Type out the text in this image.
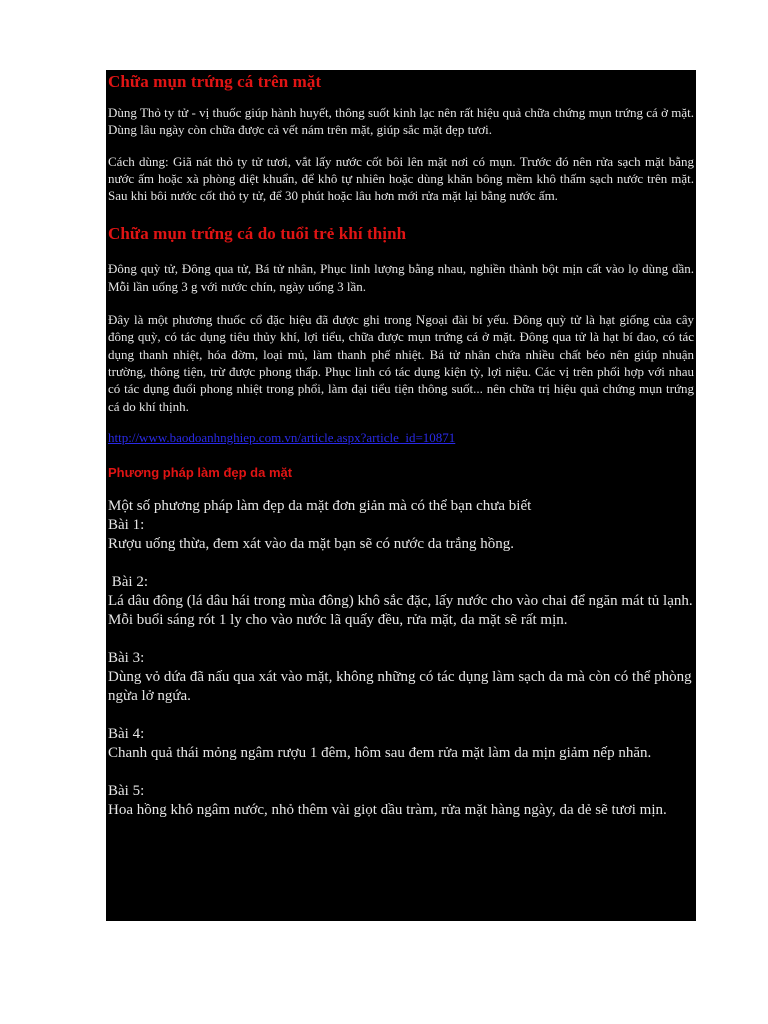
Chữa mụn trứng cá trên mặt

Dùng Thỏ ty tử - vị thuốc giúp hành huyết, thông suốt kinh lạc nên rất hiệu quả chữa chứng mụn trứng cá ở mặt. Dùng lâu ngày còn chữa được cả vết nám trên mặt, giúp sắc mặt đẹp tươi.

Cách dùng: Giã nát thỏ ty tử tươi, vắt lấy nước cốt bôi lên mặt nơi có mụn. Trước đó nên rửa sạch mặt bằng nước ấm hoặc xà phòng diệt khuẩn, để khô tự nhiên hoặc dùng khăn bông mềm khô thấm sạch nước trên mặt. Sau khi bôi nước cốt thỏ ty tử, để 30 phút hoặc lâu hơn mới rửa mặt lại bằng nước ấm.

Chữa mụn trứng cá do tuổi trẻ khí thịnh

Đông quỳ tử, Đông qua tử, Bá tử nhân, Phục linh lượng bằng nhau, nghiền thành bột mịn cất vào lọ dùng dần. Mỗi lần uống 3 g với nước chín, ngày uống 3 lần.

Đây là một phương thuốc cổ đặc hiệu đã được ghi trong Ngoại đài bí yếu. Đông quỳ tử là hạt giống của cây đông quỳ, có tác dụng tiêu thủy khí, lợi tiểu, chữa được mụn trứng cá ở mặt. Đông qua tử là hạt bí đao, có tác dụng thanh nhiệt, hóa đờm, loại mủ, làm thanh phế nhiệt. Bá tử nhân chứa nhiều chất béo nên giúp nhuận trường, thông tiện, trừ được phong thấp. Phục linh có tác dụng kiện tỳ, lợi niệu. Các vị trên phối hợp với nhau có tác dụng đuổi phong nhiệt trong phổi, làm đại tiểu tiện thông suốt... nên chữa trị hiệu quả chứng mụn trứng cá do khí thịnh.

http://www.baodoanhnghiep.com.vn/article.aspx?article_id=10871
Phương pháp làm đẹp da mặt

Một số phương pháp làm đẹp da mặt đơn giản mà có thể bạn chưa biết

Bài 1:

Rượu uống thừa, đem xát vào da mặt bạn sẽ có nước da trắng hồng.

Bài 2:

Lá dâu đông (lá dâu hái trong mùa đông) khô sắc đặc, lấy nước cho vào chai để ngăn mát tủ lạnh. Mỗi buổi sáng rót 1 ly cho vào nước lã quấy đều, rửa mặt, da mặt sẽ rất mịn.

Bài 3:

Dùng vỏ dứa đã nấu qua xát vào mặt, không những có tác dụng làm sạch da mà còn có thể phòng ngừa lở ngứa.

Bài 4:

Chanh quả thái mỏng ngâm rượu 1 đêm, hôm sau đem rửa mặt làm da mịn giảm nếp nhăn.

Bài 5:

Hoa hồng khô ngâm nước, nhỏ thêm vài giọt dầu tràm, rửa mặt hàng ngày, da dẻ sẽ tươi mịn.
